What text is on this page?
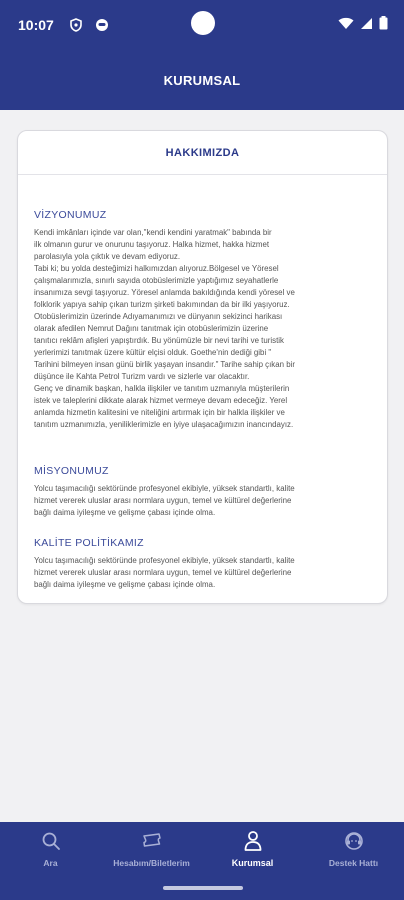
10:07
KURUMSAL
HAKKIMIZDA
VİZYONUMUZ
Kendi imkânları içinde var olan,"kendi kendini yaratmak" babında bir
ilk olmanın gurur ve onurunu taşıyoruz. Halka hizmet, hakka hizmet
parolasıyla yola çıktık ve devam ediyoruz.
Tabi ki; bu yolda desteğimizi halkımızdan alıyoruz.Bölgesel ve Yöresel
çalışmalarımızla, sınırlı sayıda otobüslerimizle yaptığımız seyahatlerle
insanımıza sevgi taşıyoruz. Yöresel anlamda bakıldığında kendi yöresel ve
folklorik yapıya sahip çıkan turizm şirketi bakımından da bir ilki yaşıyoruz.
Otobüslerimizin üzerinde Adıyamanımızı ve dünyanın sekizinci harikası
olarak afedilen Nemrut Dağını tanıtmak için otobüslerimizin üzerine
tanıtıcı reklâm afişleri yapıştırdık. Bu yönümüzle bir nevi tarihi ve turistik
yerlerimizi tanıtmak üzere kültür elçisi olduk. Goethe'nin dediği gibi "
Tarihini bilmeyen insan günü birlik yaşayan insandır." Tarihe sahip çıkan bir
düşünce ile Kahta Petrol Turizm vardı ve sizlerle var olacaktır.
Genç ve dinamik başkan, halkla ilişkiler ve tanıtım uzmanıyla müşterilerin
istek ve taleplerini dikkate alarak hizmet vermeye devam edeceğiz. Yerel
anlamda hizmetin kalitesini ve niteliğini artırmak için bir halkla ilişkiler ve
tanıtım uzmanımızla, yeniliklerimizle en iyiye ulaşacağımızın inancındayız.
MİSYONUMUZ
Yolcu taşımacılığı sektöründe profesyonel ekibiyle, yüksek standartlı, kalite
hizmet vererek uluslar arası normlara uygun, temel ve kültürel değerlerine
bağlı daima iyileşme ve gelişme çabası içinde olma.
KALİTE POLİTİKAMIZ
Yolcu taşımacılığı sektöründe profesyonel ekibiyle, yüksek standartlı, kalite
hizmet vererek uluslar arası normlara uygun, temel ve kültürel değerlerine
bağlı daima iyileşme ve gelişme çabası içinde olma.
Ara	Hesabım/Biletlerim	Kurumsal	Destek Hattı
